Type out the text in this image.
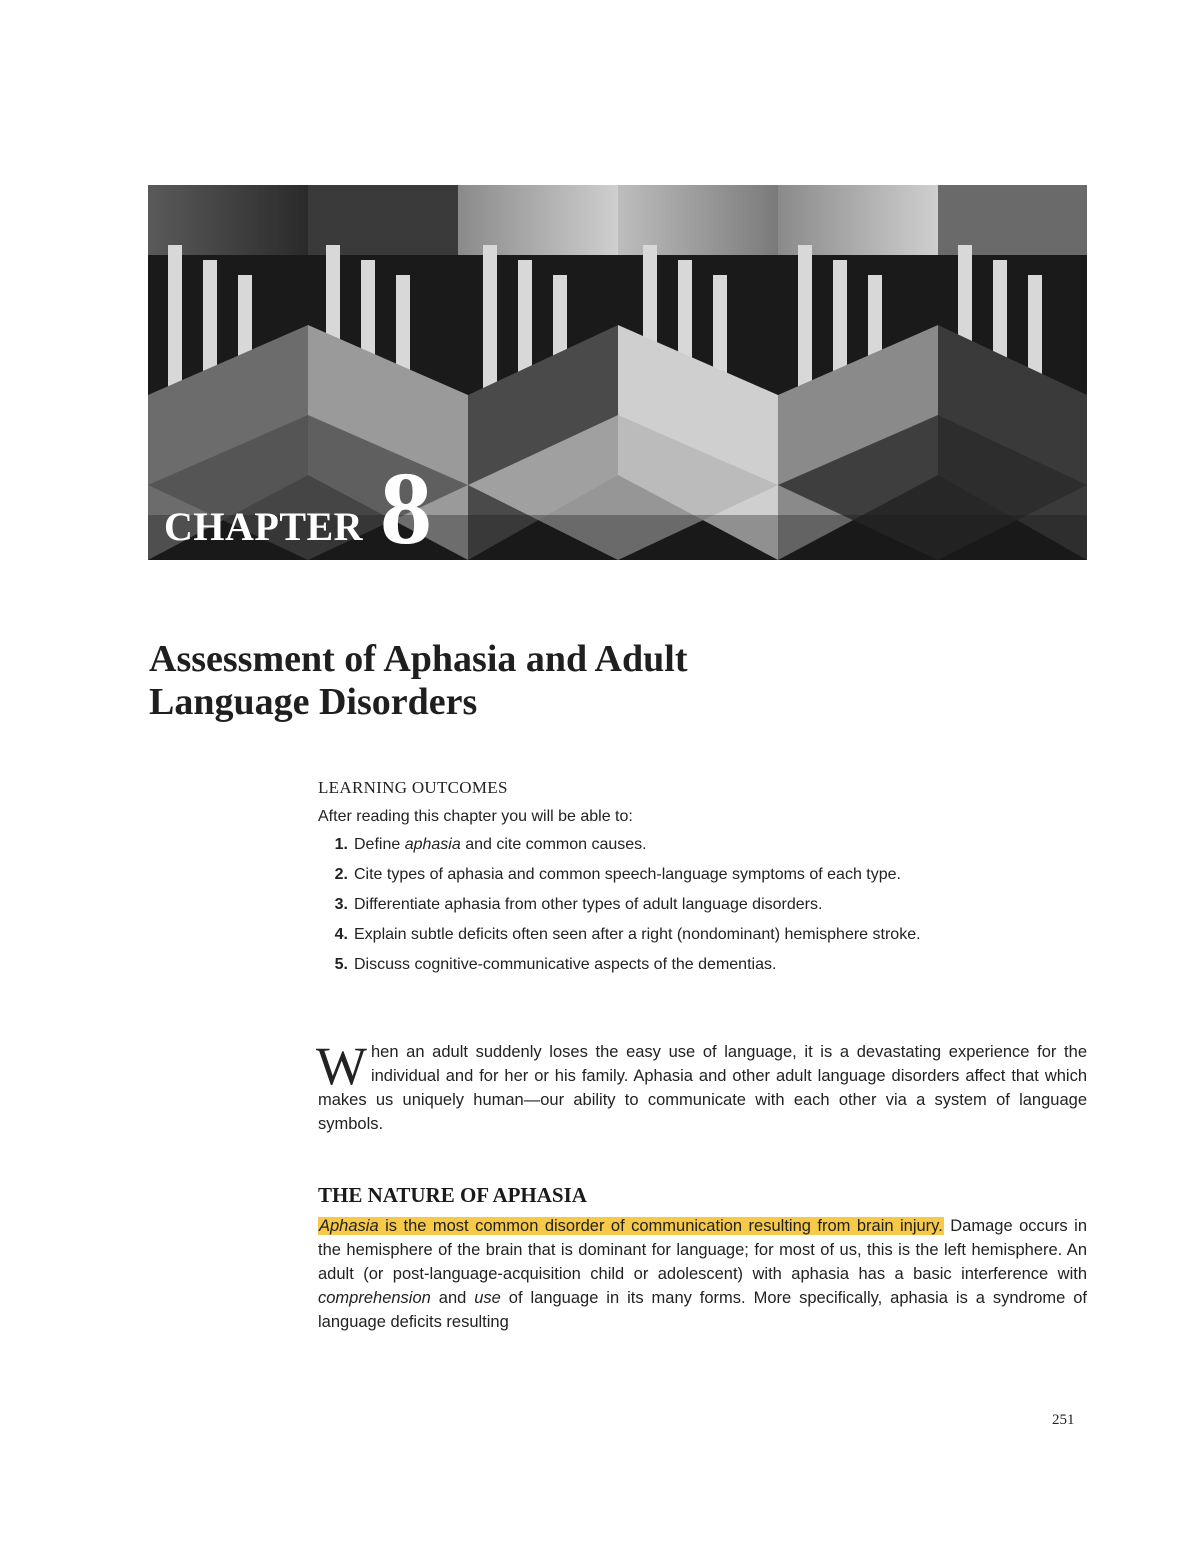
CHAPTER 8
Assessment of Aphasia and Adult
Language Disorders
LEARNING OUTCOMES
After reading this chapter you will be able to:
1. Define aphasia and cite common causes.
2. Cite types of aphasia and common speech-language symptoms of each type.
3. Differentiate aphasia from other types of adult language disorders.
4. Explain subtle deficits often seen after a right (nondominant) hemisphere stroke.
5. Discuss cognitive-communicative aspects of the dementias.
When an adult suddenly loses the easy use of language, it is a devastating experience for the individual and for her or his family. Aphasia and other adult language disorders affect that which makes us uniquely human—our ability to communicate with each other via a system of language symbols.
THE NATURE OF APHASIA
Aphasia is the most common disorder of communication resulting from brain injury. Damage occurs in the hemisphere of the brain that is dominant for language; for most of us, this is the left hemisphere. An adult (or post-language-acquisition child or adolescent) with aphasia has a basic interference with comprehension and use of language in its many forms. More specifically, aphasia is a syndrome of language deficits resulting
251
